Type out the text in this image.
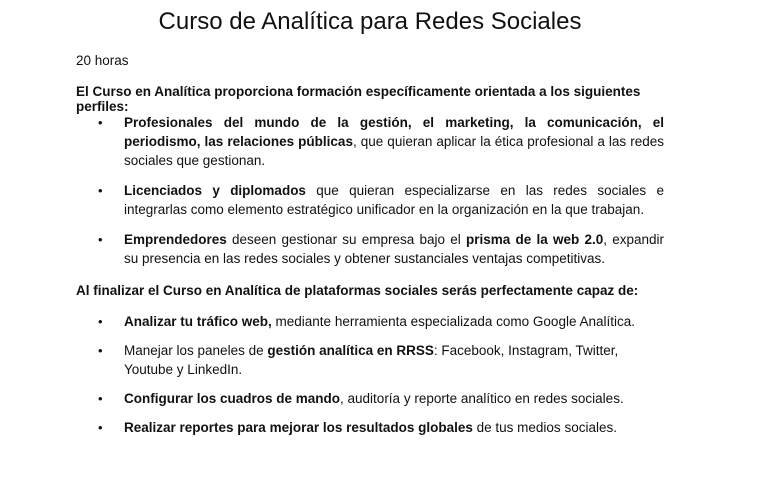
Curso de Analítica para Redes Sociales
20 horas

El Curso en Analítica proporciona formación específicamente orientada a los siguientes perfiles:

• Profesionales del mundo de la gestión, el marketing, la comunicación, el periodismo, las relaciones públicas, que quieran aplicar la ética profesional a las redes sociales que gestionan.
• Licenciados y diplomados que quieran especializarse en las redes sociales e integrarlas como elemento estratégico unificador en la organización en la que trabajan.
• Emprendedores deseen gestionar su empresa bajo el prisma de la web 2.0, expandir su presencia en las redes sociales y obtener sustanciales ventajas competitivas.

Al finalizar el Curso en Analítica de plataformas sociales serás perfectamente capaz de:

• Analizar tu tráfico web, mediante herramienta especializada como Google Analítica.
• Manejar los paneles de gestión analítica en RRSS: Facebook, Instagram, Twitter, Youtube y LinkedIn.
• Configurar los cuadros de mando, auditoría y reporte analítico en redes sociales.
• Realizar reportes para mejorar los resultados globales de tus medios sociales.
